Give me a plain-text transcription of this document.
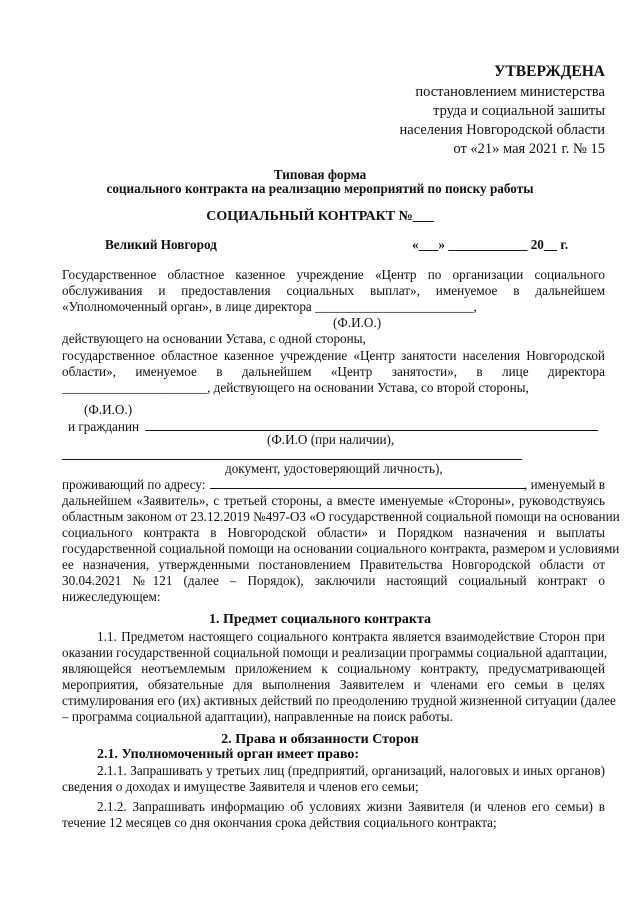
УТВЕРЖДЕНА
постановлением министерства
труда и социальной зашиты
населения Новгородской области
от «21» мая 2021 г. № 15
Типовая форма
социального контракта на реализацию мероприятий по поиску работы
СОЦИАЛЬНЫЙ КОНТРАКТ №___
Великий Новгород	«___» ____________ 20__ г.
Государственное областное казенное учреждение «Центр по организации социального
обслуживания и предоставления социальных выплат», именуемое в дальнейшем
«Уполномоченный орган», в лице директора ________________________,
(Ф.И.О.)
действующего на основании Устава, с одной стороны,
государственное областное казенное учреждение «Центр занятости населения Новгородской
области», именуемое в дальнейшем «Центр занятости», в лице директора
______________________, действующего на основании Устава, со второй стороны,
(Ф.И.О.)
и гражданин
(Ф.И.О (при наличии),
документ, удостоверяющий личность),
проживающий по адресу:	, именуемый в
дальнейшем «Заявитель», с третьей стороны, а вместе именуемые «Стороны», руководствуясь
областным законом от 23.12.2019 №497-ОЗ «О государственной социальной помощи на основании
социального контракта в Новгородской области» и Порядком назначения и выплаты
государственной социальной помощи на основании социального контракта, размером и условиями
ее назначения, утвержденными постановлением Правительства Новгородской области от
30.04.2021 №121 (далее – Порядок), заключили настоящий социальный контракт о
нижеследующем:
1. Предмет социального контракта
1.1. Предметом настоящего социального контракта является взаимодействие Сторон при
оказании государственной социальной помощи и реализации программы социальной адаптации,
являющейся неотъемлемым приложением к социальному контракту, предусматривающей
мероприятия, обязательные для выполнения Заявителем и членами его семьи в целях
стимулирования его (их) активных действий по преодолению трудной жизненной ситуации (далее
– программа социальной адаптации), направленные на поиск работы.
2. Права и обязанности Сторон
2.1. Уполномоченный орган имеет право:
2.1.1. Запрашивать у третьих лиц (предприятий, организаций, налоговых и иных органов)
сведения о доходах и имуществе Заявителя и членов его семьи;
2.1.2. Запрашивать информацию об условиях жизни Заявителя (и членов его семьи) в
течение 12 месяцев со дня окончания срока действия социального контракта;
